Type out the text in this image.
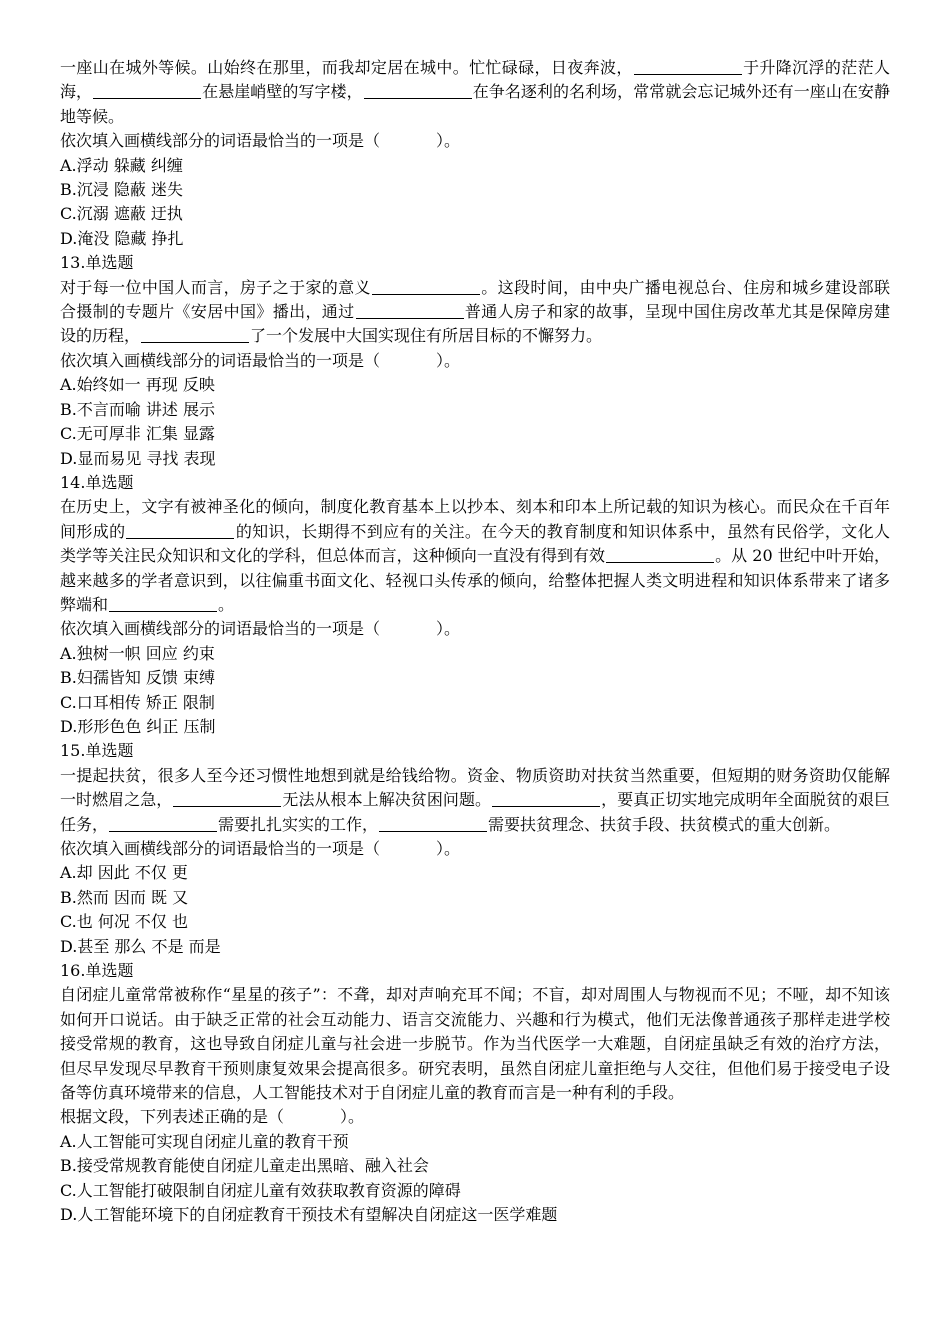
一座山在城外等候。山始终在那里，而我却定居在城中。忙忙碌碌，日夜奔波，	于升降沉浮的茫茫人海，	在悬崖峭壁的写字楼，	在争名逐利的名利场，常常就会忘记城外还有一座山在安静地等候。
依次填入画横线部分的词语最恰当的一项是（	）。
A.浮动 躲藏 纠缠
B.沉浸 隐蔽 迷失
C.沉溺 遮蔽 迂执
D.淹没 隐藏 挣扎
13.单选题
对于每一位中国人而言，房子之于家的意义	。这段时间，由中央广播电视总台、住房和城乡建设部联合摄制的专题片《安居中国》播出，通过	普通人房子和家的故事，呈现中国住房改革尤其是保障房建设的历程，	了一个发展中大国实现住有所居目标的不懈努力。
依次填入画横线部分的词语最恰当的一项是（	）。
A.始终如一 再现 反映
B.不言而喻 讲述 展示
C.无可厚非 汇集 显露
D.显而易见 寻找 表现
14.单选题
在历史上，文字有被神圣化的倾向，制度化教育基本上以抄本、刻本和印本上所记载的知识为核心。而民众在千百年间形成的	的知识，长期得不到应有的关注。在今天的教育制度和知识体系中，虽然有民俗学，文化人类学等关注民众知识和文化的学科，但总体而言，这种倾向一直没有得到有效	。从 20 世纪中叶开始，越来越多的学者意识到，以往偏重书面文化、轻视口头传承的倾向，给整体把握人类文明进程和知识体系带来了诸多弊端和	。
依次填入画横线部分的词语最恰当的一项是（	）。
A.独树一帜 回应 约束
B.妇孺皆知 反馈 束缚
C.口耳相传 矫正 限制
D.形形色色 纠正 压制
15.单选题
一提起扶贫，很多人至今还习惯性地想到就是给钱给物。资金、物质资助对扶贫当然重要，但短期的财务资助仅能解一时燃眉之急，	无法从根本上解决贫困问题。	，要真正切实地完成明年全面脱贫的艰巨任务，	需要扎扎实实的工作，	需要扶贫理念、扶贫手段、扶贫模式的重大创新。
依次填入画横线部分的词语最恰当的一项是（	）。
A.却 因此 不仅 更
B.然而 因而 既 又
C.也 何况 不仅 也
D.甚至 那么 不是 而是
16.单选题
自闭症儿童常常被称作“星星的孩子”：不聋，却对声响充耳不闻；不盲，却对周围人与物视而不见；不哑，却不知该如何开口说话。由于缺乏正常的社会互动能力、语言交流能力、兴趣和行为模式，他们无法像普通孩子那样走进学校接受常规的教育，这也导致自闭症儿童与社会进一步脱节。作为当代医学一大难题，自闭症虽缺乏有效的治疗方法，但尽早发现尽早教育干预则康复效果会提高很多。研究表明，虽然自闭症儿童拒绝与人交往，但他们易于接受电子设备等仿真环境带来的信息，人工智能技术对于自闭症儿童的教育而言是一种有利的手段。
根据文段，下列表述正确的是（	）。
A.人工智能可实现自闭症儿童的教育干预
B.接受常规教育能使自闭症儿童走出黑暗、融入社会
C.人工智能打破限制自闭症儿童有效获取教育资源的障碍
D.人工智能环境下的自闭症教育干预技术有望解决自闭症这一医学难题
